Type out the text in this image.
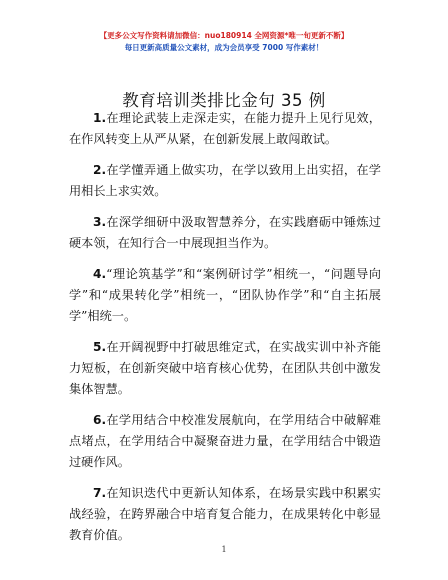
【更多公文写作资料请加微信：nuo180914 全网资源*唯一旬更新不断】
每日更新高质量公文素材，成为会员享受 7000 写作素材！
教育培训类排比金句 35 例

1.在理论武装上走深走实，在能力提升上见行见效，在作风转变上从严从紧，在创新发展上敢闯敢试。

2.在学懂弄通上做实功，在学以致用上出实招，在学用相长上求实效。

3.在深学细研中汲取智慧养分，在实践磨砺中锤炼过硬本领，在知行合一中展现担当作为。

4.“理论筑基学”和“案例研讨学”相统一，“问题导向学”和“成果转化学”相统一，“团队协作学”和“自主拓展学”相统一。

5.在开阔视野中打破思维定式，在实战实训中补齐能力短板，在创新突破中培育核心优势，在团队共创中激发集体智慧。

6.在学用结合中校准发展航向，在学用结合中破解难点堵点，在学用结合中凝聚奋进力量，在学用结合中锻造过硬作风。

7.在知识迭代中更新认知体系，在场景实践中积累实战经验，在跨界融合中培育复合能力，在成果转化中彰显教育价值。

1
